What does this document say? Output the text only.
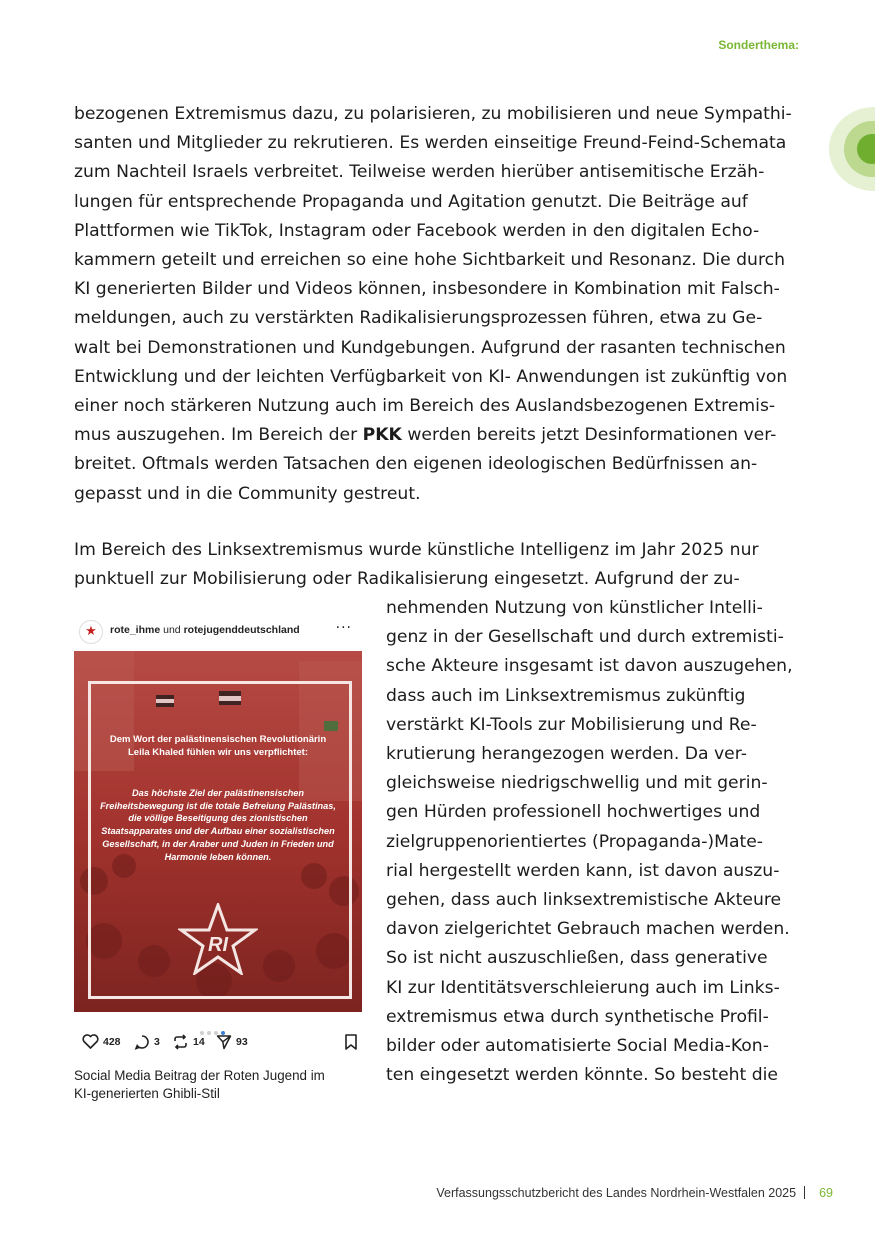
Sonderthema:
bezogenen Extremismus dazu, zu polarisieren, zu mobilisieren und neue Sympathi-
santen und Mitglieder zu rekrutieren. Es werden einseitige Freund-Feind-Schemata
zum Nachteil Israels verbreitet. Teilweise werden hierüber antisemitische Erzäh-
lungen für entsprechende Propaganda und Agitation genutzt. Die Beiträge auf
Plattformen wie TikTok, Instagram oder Facebook werden in den digitalen Echo-
kammern geteilt und erreichen so eine hohe Sichtbarkeit und Resonanz. Die durch
KI generierten Bilder und Videos können, insbesondere in Kombination mit Falsch-
meldungen, auch zu verstärkten Radikalisierungsprozessen führen, etwa zu Ge-
walt bei Demonstrationen und Kundgebungen. Aufgrund der rasanten technischen
Entwicklung und der leichten Verfügbarkeit von KI- Anwendungen ist zukünftig von
einer noch stärkeren Nutzung auch im Bereich des Auslandsbezogenen Extremis-
mus auszugehen. Im Bereich der PKK werden bereits jetzt Desinformationen ver-
breitet. Oftmals werden Tatsachen den eigenen ideologischen Bedürfnissen an-
gepasst und in die Community gestreut.
Im Bereich des Linksextremismus wurde künstliche Intelligenz im Jahr 2025 nur
punktuell zur Mobilisierung oder Radikalisierung eingesetzt. Aufgrund der zu-
nehmenden Nutzung von künstlicher Intelli-
genz in der Gesellschaft und durch extremisti-
sche Akteure insgesamt ist davon auszugehen,
dass auch im Linksextremismus zukünftig
verstärkt KI-Tools zur Mobilisierung und Re-
krutierung herangezogen werden. Da ver-
gleichsweise niedrigschwellig und mit gerin-
gen Hürden professionell hochwertiges und
zielgruppenorientiertes (Propaganda-)Mate-
rial hergestellt werden kann, ist davon auszu-
gehen, dass auch linksextremistische Akteure
davon zielgerichtet Gebrauch machen werden.
So ist nicht auszuschließen, dass generative
KI zur Identitätsverschleierung auch im Links-
extremismus etwa durch synthetische Profil-
bilder oder automatisierte Social Media-Kon-
ten eingesetzt werden könnte. So besteht die
★	rote_ihme und rotejugenddeutschland	···
Dem Wort der palästinensischen Revolutionärin Leila Khaled fühlen wir uns verpflichtet:
Das höchste Ziel der palästinensischen Freiheitsbewegung ist die totale Befreiung Palästinas, die völlige Beseitigung des zionistischen Staatsapparates und der Aufbau einer sozialistischen Gesellschaft, in der Araber und Juden in Frieden und Harmonie leben können.
RI
428	3	14	93
Social Media Beitrag der Roten Jugend im
KI-generierten Ghibli-Stil
Verfassungsschutzbericht des Landes Nordrhein-Westfalen 2025 69
